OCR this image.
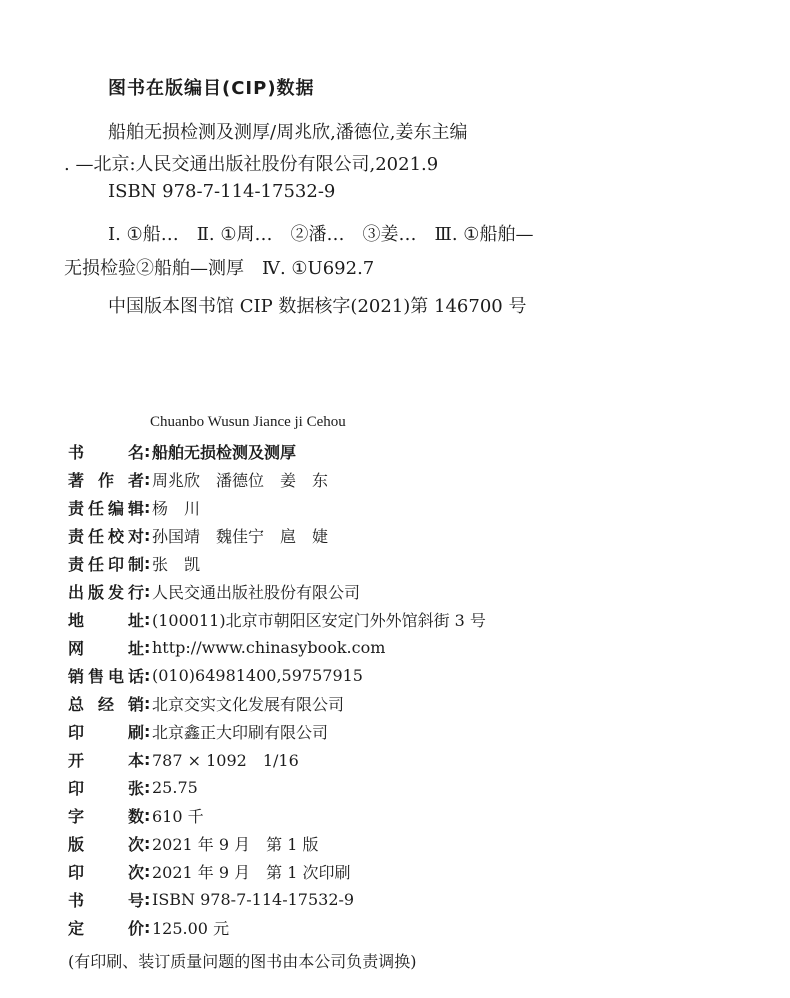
图书在版编目(CIP)数据
船舶无损检测及测厚/周兆欣,潘德位,姜东主编
. —北京:人民交通出版社股份有限公司,2021.9
ISBN 978-7-114-17532-9
Ⅰ. ①船…　Ⅱ. ①周…　②潘…　③姜…　Ⅲ. ①船舶—
无损检验②船舶—测厚　Ⅳ. ①U692.7
中国版本图书馆 CIP 数据核字(2021)第 146700 号
Chuanbo Wusun Jiance ji Cehou
书	名 : 船舶无损检测及测厚
著 作 者 : 周兆欣　潘德位　姜　东
责 任 编 辑 : 杨　川
责 任 校 对 : 孙国靖　魏佳宁　扈　婕
责 任 印 制 : 张　凯
出 版 发 行 : 人民交通出版社股份有限公司
地	址 : (100011)北京市朝阳区安定门外外馆斜街 3 号
网	址 : http://www.chinasybook.com
销 售 电 话 : (010)64981400,59757915
总 经 销 : 北京交实文化发展有限公司
印	刷 : 北京鑫正大印刷有限公司
开	本 : 787 × 1092　1/16
印	张 : 25.75
字	数 : 610 千
版	次 : 2021 年 9 月　第 1 版
印	次 : 2021 年 9 月　第 1 次印刷
书	号 : ISBN 978-7-114-17532-9
定	价 : 125.00 元
(有印刷、装订质量问题的图书由本公司负责调换)
